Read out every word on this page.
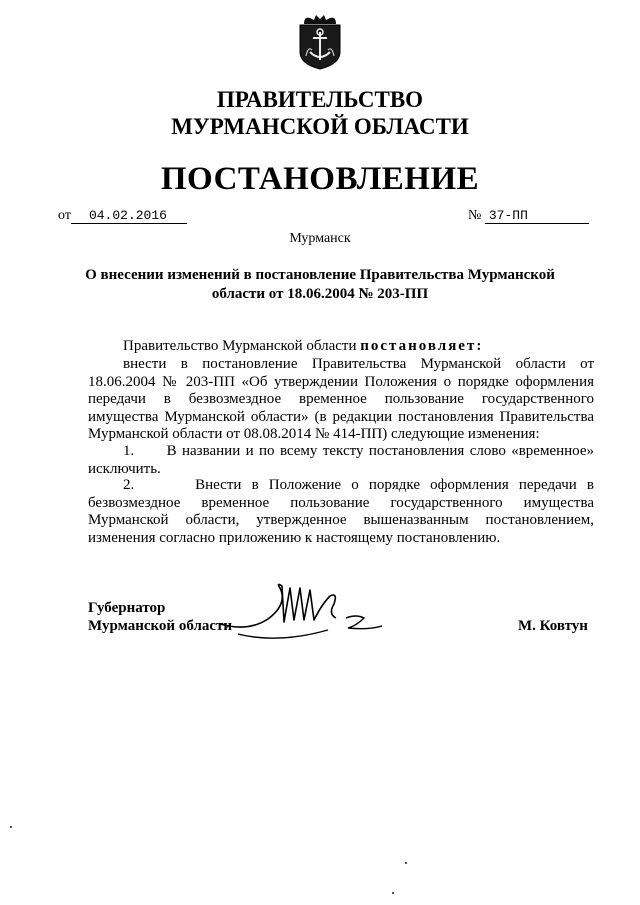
ПРАВИТЕЛЬСТВО
МУРМАНСКОЙ ОБЛАСТИ
ПОСТАНОВЛЕНИЕ
от 04.02.2016	№ 37-ПП
Мурманск
О внесении изменений в постановление Правительства Мурманской
области от 18.06.2004 № 203-ПП
Правительство Мурманской области постановляет:
внести в постановление Правительства Мурманской области от 18.06.2004 № 203-ПП «Об утверждении Положения о порядке оформления передачи в безвозмездное временное пользование государственного имущества Мурманской области» (в редакции постановления Правительства Мурманской области от 08.08.2014 № 414-ПП) следующие изменения:
1.      В названии и по всему тексту постановления слово «временное» исключить.
2.      Внести в Положение о порядке оформления передачи в безвозмездное временное пользование государственного имущества Мурманской области, утвержденное вышеназванным постановлением, изменения согласно приложению к настоящему постановлению.
Губернатор
Мурманской области	М. Ковтун
